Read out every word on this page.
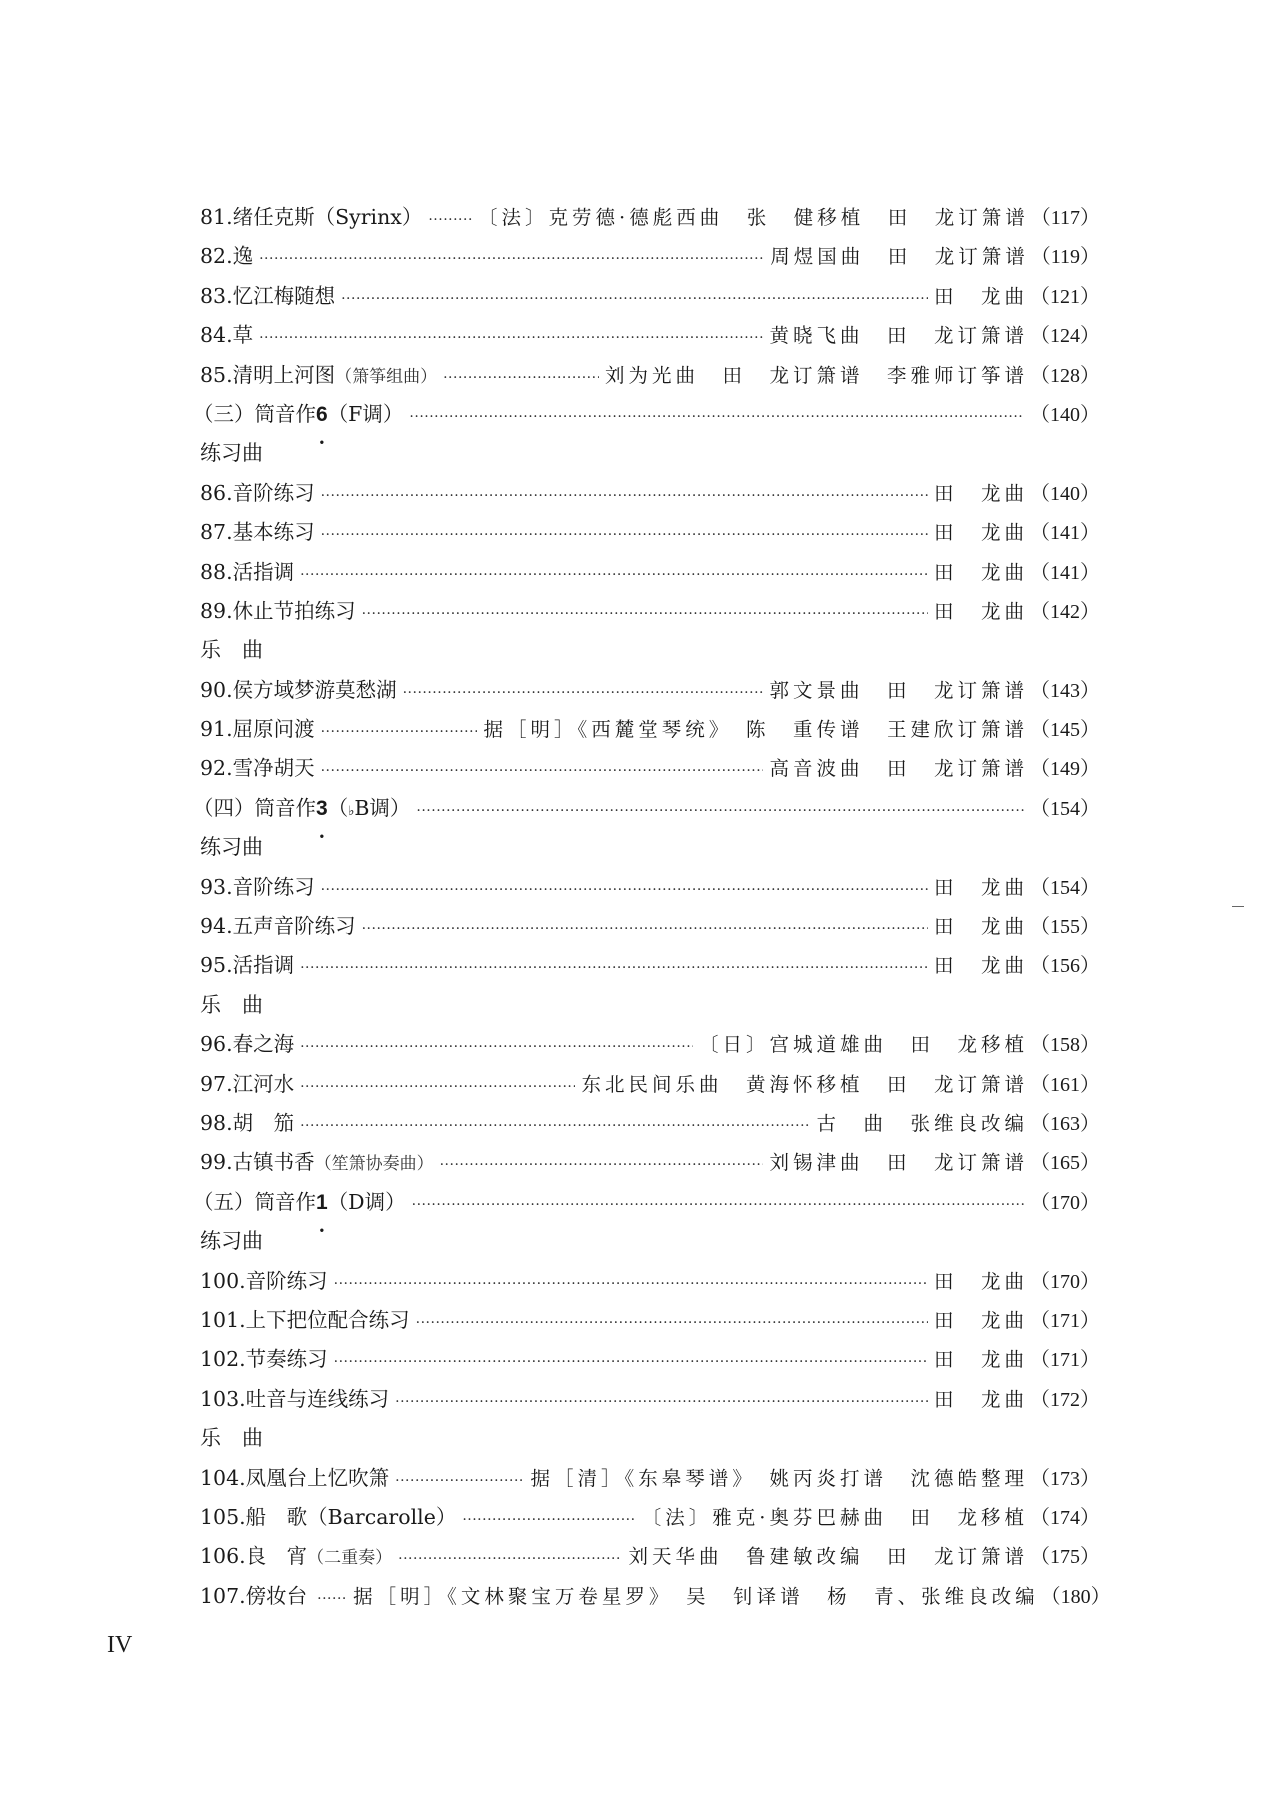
81.绪任克斯（Syrinx） ·····	〔法〕克劳德·德彪西曲　张　健移植　田　龙订箫谱 （117）
82.逸 ·····	周煜国曲　田　龙订箫谱 （119）
83.忆江梅随想 ·····	田　龙曲 （121）
84.草 ·····	黄晓飞曲　田　龙订箫谱 （124）
85.清明上河图 （箫筝组曲） ·····	刘为光曲　田　龙订箫谱　李雅师订筝谱 （128）
（三）筒音作 6 • （F调） ·····	（140）
练习曲
86.音阶练习 ·····	田　龙曲 （140）
87.基本练习 ·····	田　龙曲 （141）
88.活指调 ·····	田　龙曲 （141）
89.休止节拍练习 ·····	田　龙曲 （142）
乐　曲
90.侯方域梦游莫愁湖 ·····	郭文景曲　田　龙订箫谱 （143）
91.屈原问渡 ·····	据［明］《西麓堂琴统》　陈　重传谱　王建欣订箫谱 （145）
92.雪净胡天 ·····	高音波曲　田　龙订箫谱 （149）
（四）筒音作 3 • （ ♭ B调） ·····	（154）
练习曲
93.音阶练习 ·····	田　龙曲 （154）
94.五声音阶练习 ·····	田　龙曲 （155）
95.活指调 ·····	田　龙曲 （156）
乐　曲
96.春之海 ·····	〔日〕宫城道雄曲　田　龙移植 （158）
97.江河水 ·····	东北民间乐曲　黄海怀移植　田　龙订箫谱 （161）
98.胡　笳 ·····	古　曲　张维良改编 （163）
99.古镇书香 （笙箫协奏曲） ·····	刘锡津曲　田　龙订箫谱 （165）
（五）筒音作 1 • （D调） ·····	（170）
练习曲
100.音阶练习 ·····	田　龙曲 （170）
101.上下把位配合练习 ·····	田　龙曲 （171）
102.节奏练习 ·····	田　龙曲 （171）
103.吐音与连线练习 ·····	田　龙曲 （172）
乐　曲
104.凤凰台上忆吹箫 ·····	据［清］《东皋琴谱》　姚丙炎打谱　沈德皓整理 （173）
105.船　歌（Barcarolle） ·····	〔法〕雅克·奥芬巴赫曲　田　龙移植 （174）
106.良　宵 （二重奏） ·····	刘天华曲　鲁建敏改编　田　龙订箫谱 （175）
107.傍妆台 ····· 据［明］《文林聚宝万卷星罗》　吴　钊译谱　杨　青、张维良改编 （180）
IV
